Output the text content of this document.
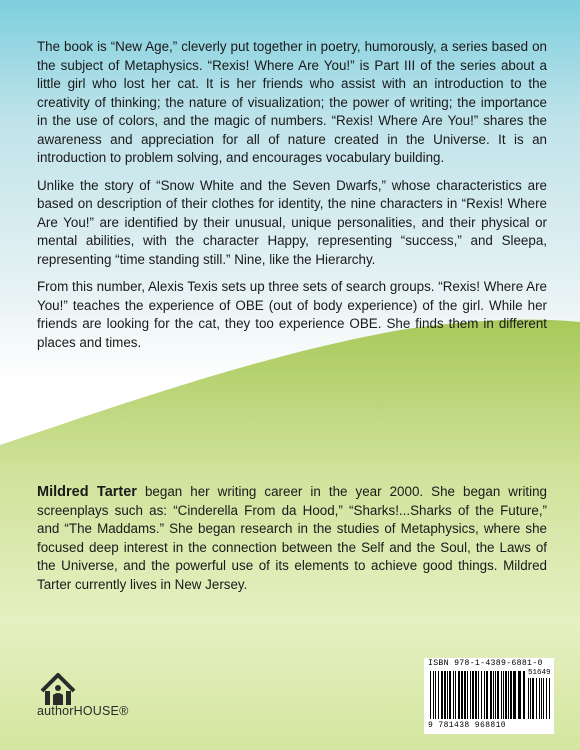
The book is “New Age,” cleverly put together in poetry, humorously, a series based on the subject of Metaphysics. “Rexis! Where Are You!” is Part III of the series about a little girl who lost her cat. It is her friends who assist with an introduction to the creativity of thinking; the nature of visualization; the power of writing; the importance in the use of colors, and the magic of numbers. “Rexis! Where Are You!” shares the awareness and appreciation for all of nature created in the Universe. It is an introduction to problem solving, and encourages vocabulary building.

Unlike the story of “Snow White and the Seven Dwarfs,” whose characteristics are based on description of their clothes for identity, the nine characters in “Rexis! Where Are You!” are identified by their unusual, unique personalities, and their physical or mental abilities, with the character Happy, representing “success,” and Sleepa, representing “time standing still.” Nine, like the Hierarchy.

From this number, Alexis Texis sets up three sets of search groups. “Rexis! Where Are You!” teaches the experience of OBE (out of body experience) of the girl. While her friends are looking for the cat, they too experience OBE. She finds them in different places and times.

Mildred Tarter began her writing career in the year 2000. She began writing screenplays such as: “Cinderella From da Hood,” “Sharks!...Sharks of the Future,” and “The Maddams.” She began research in the studies of Metaphysics, where she focused deep interest in the connection between the Self and the Soul, the Laws of the Universe, and the powerful use of its elements to achieve good things. Mildred Tarter currently lives in New Jersey.

authorHOUSE®
ISBN 978-1-4389-6881-0
9 781438 968810
51649
